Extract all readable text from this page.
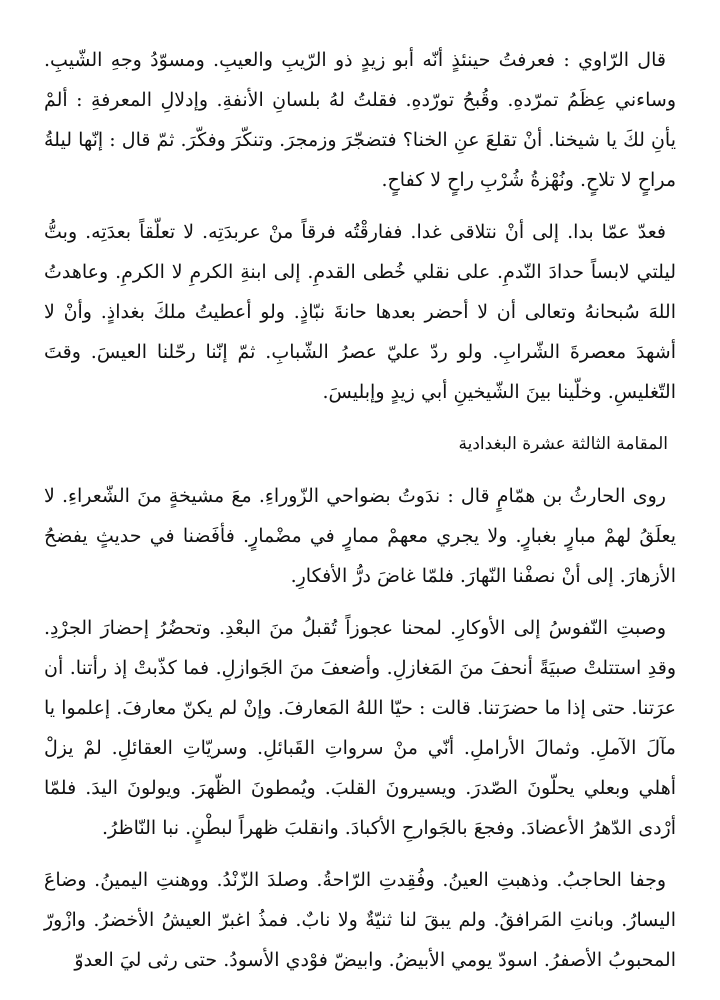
قال الرّاوي : فعرفتُ حينئذٍ أنّه أبو زيدٍ ذو الرّيبِ والعيبِ. ومسوّدُ وجهِ الشّيبِ. وساءني عِظَمُ تمرّدهِ. وقُبحُ تورّدهِ. فقلتُ لهُ بلسانِ الأنفةِ. وإدلالِ المعرفةِ : ألمْ يأنِ لكَ يا شيخنا. أنْ تقلعَ عنِ الخنا؟ فتضجّرَ وزمجرَ. وتنكّرَ وفكّرَ. ثمّ قال : إنّها ليلةُ مراحٍ لا تلاحٍ. ونُهْزةُ شُرْبِ راحٍ لا كفاحٍ.

فعدّ عمّا بدا. إلى أنْ نتلاقى غدا. ففارقْتُه فرقاً منْ عربدَتِه. لا تعلّقاً بعدَتِه. وبتُّ ليلتي لابساً حدادَ النّدمِ. على نقلي خُطى القدمِ. إلى ابنةِ الكرمِ لا الكرمِ. وعاهدتُ اللهَ سُبحانهُ وتعالى أن لا أحضر بعدها حانةَ نبّاذٍ. ولو أعطيتُ ملكَ بغداذٍ. وأنْ لا أشهدَ معصرةَ الشّرابِ. ولو ردّ عليّ عصرُ الشّبابِ. ثمّ إنّنا رحّلنا العيسَ. وقتَ التّغليسِ. وخلّينا بينَ الشّيخينِ أبي زيدٍ وإبليسَ.

المقامة الثالثة عشرة البغدادية

روى الحارثُ بن همّامٍ قال : ندَوتُ بضواحي الزّوراءِ. معَ مشيخةٍ منَ الشّعراءِ. لا يعلَقُ لهمْ مبارٍ بغبارٍ. ولا يجري معهمْ ممارٍ في مضْمارٍ. فأفَضنا في حديثٍ يفضحُ الأزهارَ. إلى أنْ نصفْنا النّهارَ. فلمّا غاضَ درُّ الأفكارِ.

وصبتِ النّفوسُ إلى الأوكارِ. لمحنا عجوزاً تُقبلُ منَ البعْدِ. وتحضُرُ إحضارَ الجرْدِ. وقدِ استتلتْ صبيَةً أنحفَ منَ المَغازلِ. وأضعفَ منَ الجَوازلِ. فما كذّبتْ إذ رأتنا. أن عرَتنا. حتى إذا ما حضرَتنا. قالت : حيّا اللهُ المَعارفَ. وإنْ لم يكنّ معارفَ. إعلموا يا مآلَ الآملِ. وثمالَ الأراملِ. أنّي منْ سرواتِ القَبائلِ. وسريّاتِ العقائلِ. لمْ يزلْ أهلي وبعلي يحلّونَ الصّدرَ. ويسيرونَ القلبَ. ويُمطونَ الظّهرَ. ويولونَ اليدَ. فلمّا أرْدى الدّهرُ الأعضادَ. وفجعَ بالجَوارحِ الأكبادَ. وانقلبَ ظهراً لبطْنٍ. نبا النّاظرُ.

وجفا الحاجبُ. وذهبتِ العينُ. وفُقِدتِ الرّاحةُ. وصلدَ الزّنْدُ. ووهنتِ اليمينُ. وضاعَ اليسارُ. وبانتِ المَرافقُ. ولم يبقَ لنا ثنيّةٌ ولا نابٌ. فمذُ اغبرّ العيشُ الأخضرُ. وازْورّ المحبوبُ الأصفرُ. اسودّ يومي الأبيضُ. وابيضّ فوْدي الأسودُ. حتى رثى ليَ العدوّ
